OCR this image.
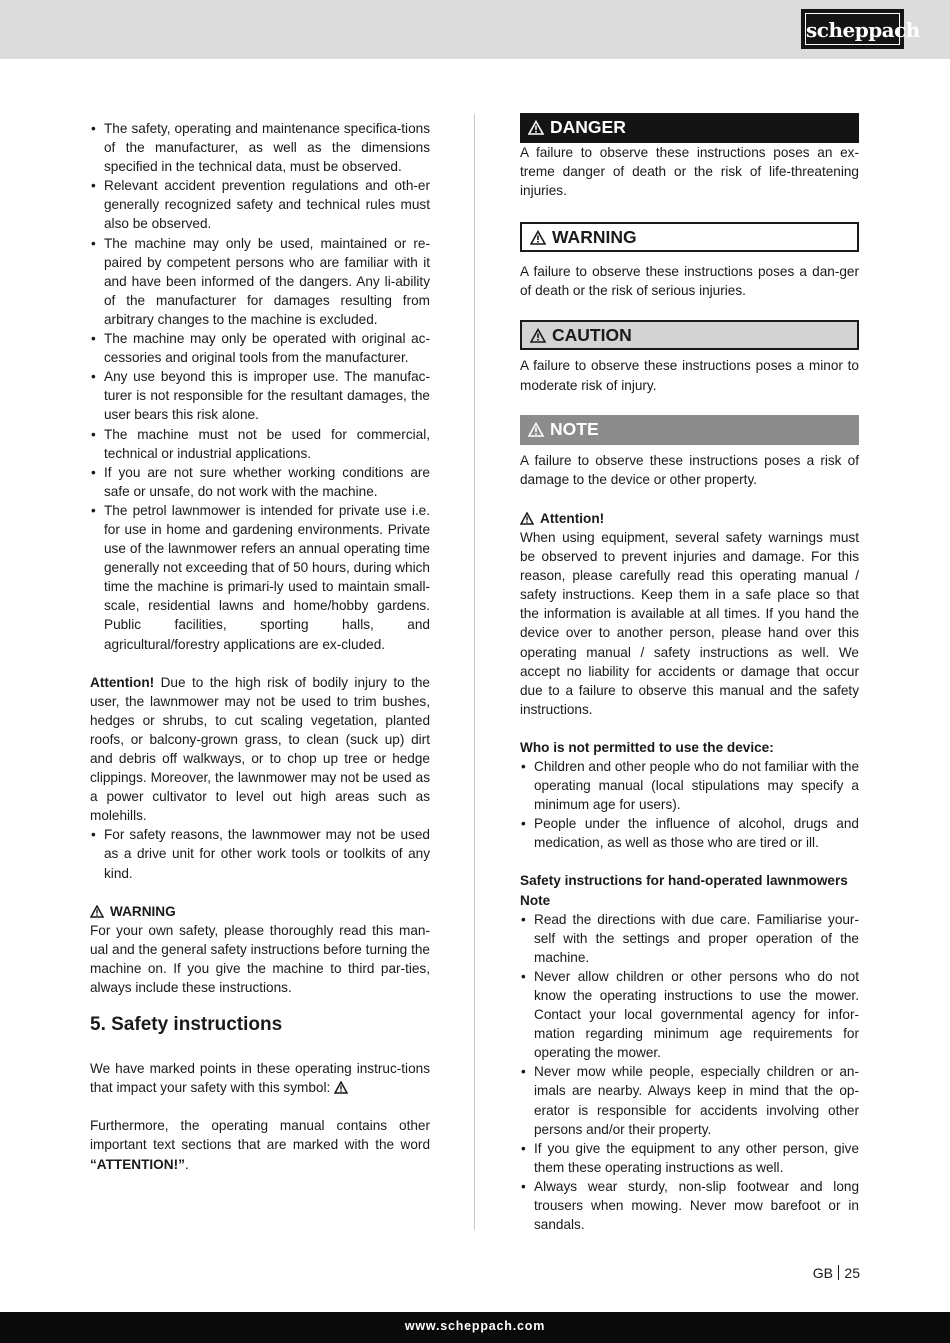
scheppach
• The safety, operating and maintenance specifica-tions of the manufacturer, as well as the dimensions specified in the technical data, must be observed.
• Relevant accident prevention regulations and oth-er generally recognized safety and technical rules must also be observed.
• The machine may only be used, maintained or re-paired by competent persons who are familiar with it and have been informed of the dangers. Any li-ability of the manufacturer for damages resulting from arbitrary changes to the machine is excluded.
• The machine may only be operated with original ac-cessories and original tools from the manufacturer.
• Any use beyond this is improper use. The manufac-turer is not responsible for the resultant damages, the user bears this risk alone.
• The machine must not be used for commercial, technical or industrial applications.
• If you are not sure whether working conditions are safe or unsafe, do not work with the machine.
• The petrol lawnmower is intended for private use i.e. for use in home and gardening environments. Private use of the lawnmower refers an annual operating time generally not exceeding that of 50 hours, during which time the machine is primari-ly used to maintain small-scale, residential lawns and home/hobby gardens. Public facilities, sporting halls, and agricultural/forestry applications are ex-cluded.

Attention! Due to the high risk of bodily injury to the user, the lawnmower may not be used to trim bushes, hedges or shrubs, to cut scaling vegetation, planted roofs, or balcony-grown grass, to clean (suck up) dirt and debris off walkways, or to chop up tree or hedge clippings. Moreover, the lawnmower may not be used as a power cultivator to level out high areas such as molehills.

• For safety reasons, the lawnmower may not be used as a drive unit for other work tools or toolkits of any kind.

WARNING

For your own safety, please thoroughly read this man-ual and the general safety instructions before turning the machine on. If you give the machine to third par-ties, always include these instructions.

5. Safety instructions

We have marked points in these operating instruc-tions that impact your safety with this symbol:

Furthermore, the operating manual contains other important text sections that are marked with the word “ATTENTION!”.

DANGER

A failure to observe these instructions poses an ex-treme danger of death or the risk of life-threatening injuries.

WARNING

A failure to observe these instructions poses a dan-ger of death or the risk of serious injuries.

CAUTION

A failure to observe these instructions poses a minor to moderate risk of injury.

NOTE

A failure to observe these instructions poses a risk of damage to the device or other property.

Attention!

When using equipment, several safety warnings must be observed to prevent injuries and damage. For this reason, please carefully read this operating manual / safety instructions. Keep them in a safe place so that the information is available at all times. If you hand the device over to another person, please hand over this operating manual / safety instructions as well. We accept no liability for accidents or damage that occur due to a failure to observe this manual and the safety instructions.

Who is not permitted to use the device:

• Children and other people who do not familiar with the operating manual (local stipulations may specify a minimum age for users).
• People under the influence of alcohol, drugs and medication, as well as those who are tired or ill.

Safety instructions for hand-operated lawnmowers

Note

• Read the directions with due care. Familiarise your-self with the settings and proper operation of the machine.
• Never allow children or other persons who do not know the operating instructions to use the mower. Contact your local governmental agency for infor-mation regarding minimum age requirements for operating the mower.
• Never mow while people, especially children or an-imals are nearby. Always keep in mind that the op-erator is responsible for accidents involving other persons and/or their property.
• If you give the equipment to any other person, give them these operating instructions as well.
• Always wear sturdy, non-slip footwear and long trousers when mowing. Never mow barefoot or in sandals.
GB 25
www.scheppach.com
